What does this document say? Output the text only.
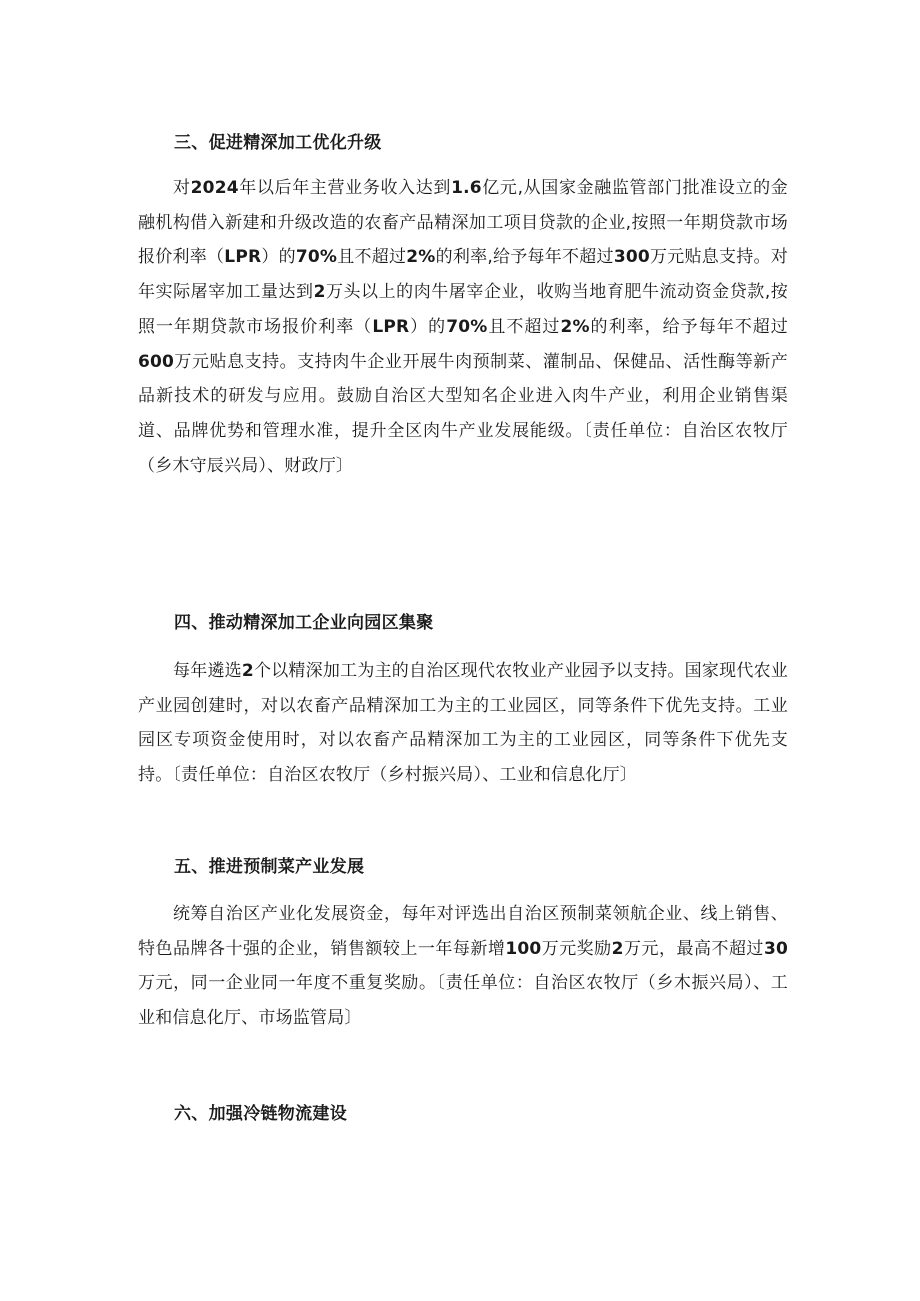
三、促进精深加工优化升级
对2024年以后年主营业务收入达到1.6亿元,从国家金融监管部门批准设立的金融机构借入新建和升级改造的农畜产品精深加工项目贷款的企业,按照一年期贷款市场报价利率（LPR）的70%且不超过2%的利率,给予每年不超过300万元贴息支持。对年实际屠宰加工量达到2万头以上的肉牛屠宰企业，收购当地育肥牛流动资金贷款,按照一年期贷款市场报价利率（LPR）的70%且不超过2%的利率，给予每年不超过600万元贴息支持。支持肉牛企业开展牛肉预制菜、灌制品、保健品、活性酶等新产品新技术的研发与应用。鼓励自治区大型知名企业进入肉牛产业，利用企业销售渠道、品牌优势和管理水准，提升全区肉牛产业发展能级。〔责任单位：自治区农牧厅（乡木守辰兴局）、财政厅〕
四、推动精深加工企业向园区集聚
每年遴选2个以精深加工为主的自治区现代农牧业产业园予以支持。国家现代农业产业园创建时，对以农畜产品精深加工为主的工业园区，同等条件下优先支持。工业园区专项资金使用时，对以农畜产品精深加工为主的工业园区，同等条件下优先支持。〔责任单位：自治区农牧厅（乡村振兴局）、工业和信息化厅〕
五、推进预制菜产业发展
统筹自治区产业化发展资金，每年对评选出自治区预制菜领航企业、线上销售、特色品牌各十强的企业，销售额较上一年每新增100万元奖励2万元，最高不超过30万元，同一企业同一年度不重复奖励。〔责任单位：自治区农牧厅（乡木振兴局）、工业和信息化厅、市场监管局〕
六、加强冷链物流建设
